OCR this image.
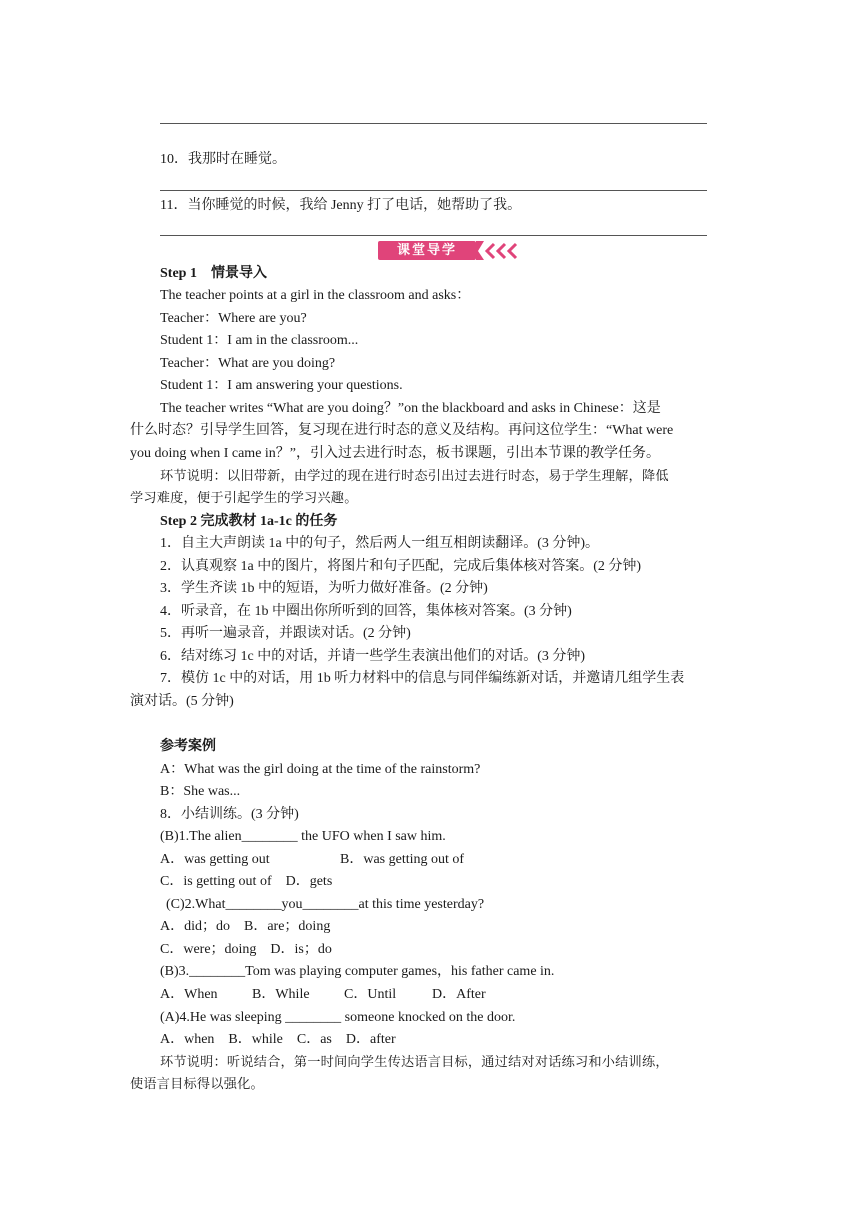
10．我那时在睡觉。
11．当你睡觉的时候，我给 Jenny 打了电话，她帮助了我。
课堂导学
Step 1　情景导入
The teacher points at a girl in the classroom and asks：
Teacher：Where are you?
Student 1：I am in the classroom...
Teacher：What are you doing?
Student 1：I am answering your questions.
The teacher writes “What are you doing？”on the blackboard and asks in Chinese：这是
什么时态？引导学生回答，复习现在进行时态的意义及结构。再问这位学生：“What were
you doing when I came in？”，引入过去进行时态，板书课题，引出本节课的教学任务。
环节说明：以旧带新，由学过的现在进行时态引出过去进行时态，易于学生理解，降低
学习难度，便于引起学生的学习兴趣。
Step 2 完成教材 1a-1c 的任务
1．自主大声朗读 1a 中的句子，然后两人一组互相朗读翻译。(3 分钟)。
2．认真观察 1a 中的图片，将图片和句子匹配，完成后集体核对答案。(2 分钟)
3．学生齐读 1b 中的短语，为听力做好准备。(2 分钟)
4．听录音，在 1b 中圈出你所听到的回答，集体核对答案。(3 分钟)
5．再听一遍录音，并跟读对话。(2 分钟)
6．结对练习 1c 中的对话，并请一些学生表演出他们的对话。(3 分钟)
7．模仿 1c 中的对话，用 1b 听力材料中的信息与同伴编练新对话，并邀请几组学生表
演对话。(5 分钟)
参考案例
A：What was the girl doing at the time of the rainstorm?
B：She was...
8．小结训练。(3 分钟)
(B)1.The alien________ the UFO when I saw him.
A．was getting out	B．was getting out of
C．is getting out of　D．gets
(C)2.What________you________at this time yesterday?
A．did；do　B．are；doing
C．were；doing　D．is；do
(B)3.________Tom was playing computer games，his father came in.
A．When B．While C．Until	D．After
(A)4.He was sleeping ________ someone knocked on the door.
A．when　B．while　C．as　D．after
环节说明：听说结合，第一时间向学生传达语言目标，通过结对对话练习和小结训练，
使语言目标得以强化。
